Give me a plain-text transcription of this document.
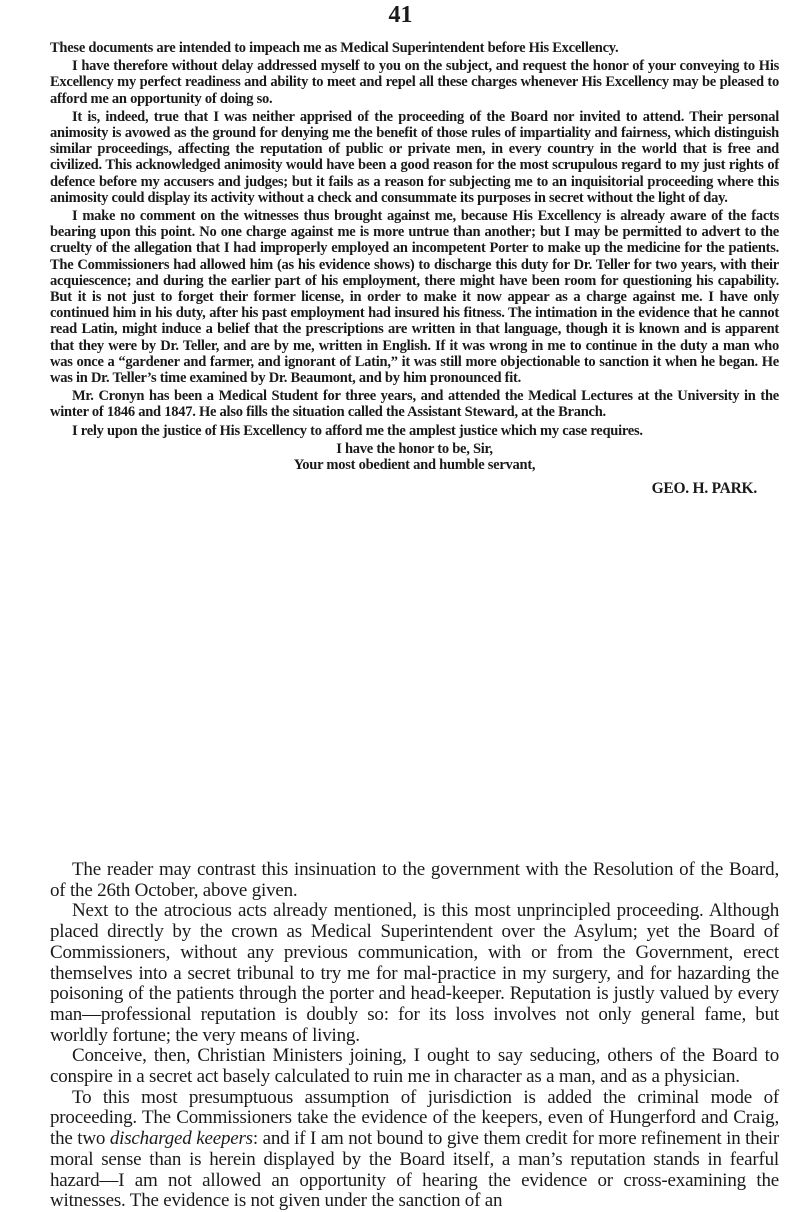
41

These documents are intended to impeach me as Medical Superintendent before His Excellency.

I have therefore without delay addressed myself to you on the subject, and request the honor of your conveying to His Excellency my perfect readiness and ability to meet and repel all these charges whenever His Excellency may be pleased to afford me an opportunity of doing so.

It is, indeed, true that I was neither apprised of the proceeding of the Board nor invited to attend. Their personal animosity is avowed as the ground for denying me the benefit of those rules of impartiality and fairness, which distinguish similar proceedings, affecting the reputation of public or private men, in every country in the world that is free and civilized. This acknowledged animosity would have been a good reason for the most scrupulous regard to my just rights of defence before my accusers and judges; but it fails as a reason for subjecting me to an inquisitorial proceeding where this animosity could display its activity without a check and consummate its purposes in secret without the light of day.

I make no comment on the witnesses thus brought against me, because His Excellency is already aware of the facts bearing upon this point. No one charge against me is more untrue than another; but I may be permitted to advert to the cruelty of the allegation that I had improperly employed an incompetent Porter to make up the medicine for the patients. The Commissioners had allowed him (as his evidence shows) to discharge this duty for Dr. Teller for two years, with their acquiescence; and during the earlier part of his employment, there might have been room for questioning his capability. But it is not just to forget their former license, in order to make it now appear as a charge against me. I have only continued him in his duty, after his past employment had insured his fitness. The intimation in the evidence that he cannot read Latin, might induce a belief that the prescriptions are written in that language, though it is known and is apparent that they were by Dr. Teller, and are by me, written in English. If it was wrong in me to continue in the duty a man who was once a “gardener and farmer, and ignorant of Latin,” it was still more objectionable to sanction it when he began. He was in Dr. Teller’s time examined by Dr. Beaumont, and by him pronounced fit.

Mr. Cronyn has been a Medical Student for three years, and attended the Medical Lectures at the University in the winter of 1846 and 1847. He also fills the situation called the Assistant Steward, at the Branch.

I rely upon the justice of His Excellency to afford me the amplest justice which my case requires.

I have the honor to be, Sir,
Your most obedient and humble servant,
GEO. H. PARK.

The reader may contrast this insinuation to the government with the Resolution of the Board, of the 26th October, above given.

Next to the atrocious acts already mentioned, is this most unprincipled proceeding. Although placed directly by the crown as Medical Superintendent over the Asylum; yet the Board of Commissioners, without any previous communication, with or from the Government, erect themselves into a secret tribunal to try me for mal-practice in my surgery, and for hazarding the poisoning of the patients through the porter and head-keeper. Reputation is justly valued by every man—professional reputation is doubly so: for its loss involves not only general fame, but worldly fortune; the very means of living.

Conceive, then, Christian Ministers joining, I ought to say seducing, others of the Board to conspire in a secret act basely calculated to ruin me in character as a man, and as a physician.

To this most presumptuous assumption of jurisdiction is added the criminal mode of proceeding. The Commissioners take the evidence of the keepers, even of Hungerford and Craig, the two discharged keepers: and if I am not bound to give them credit for more refinement in their moral sense than is herein displayed by the Board itself, a man’s reputation stands in fearful hazard—I am not allowed an opportunity of hearing the evidence or cross-examining the witnesses. The evidence is not given under the sanction of an
